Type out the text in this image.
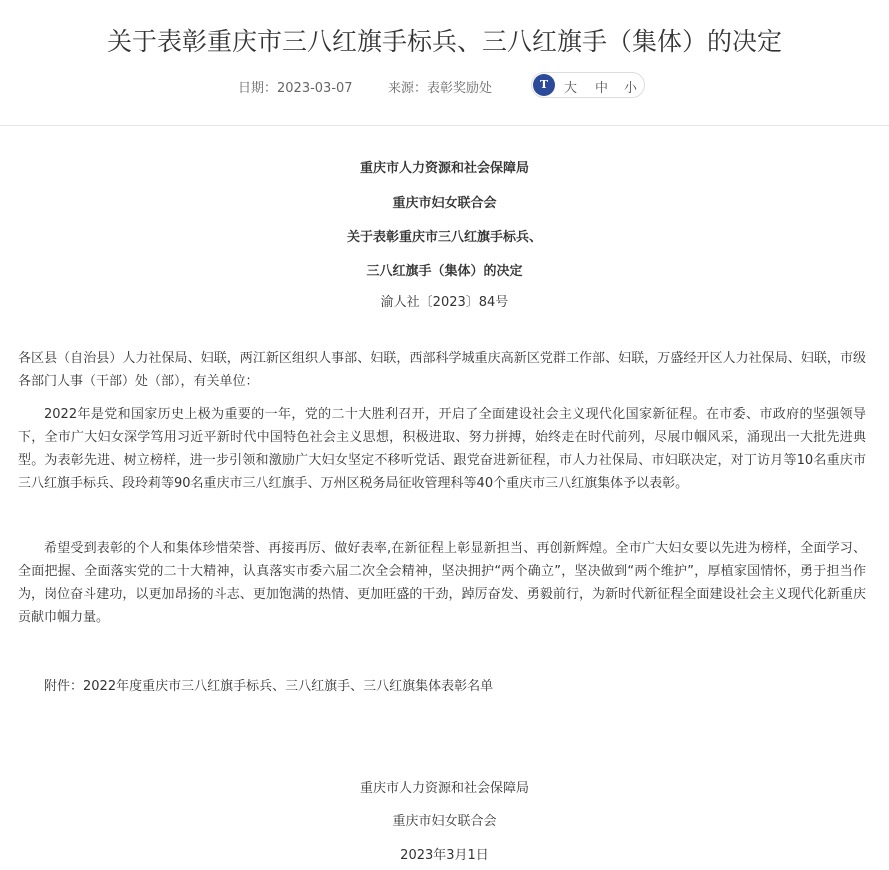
关于表彰重庆市三八红旗手标兵、三八红旗手（集体）的决定
日期：2023-03-07	来源：表彰奖励处	T	大 中 小
重庆市人力资源和社会保障局
重庆市妇女联合会
关于表彰重庆市三八红旗手标兵、
三八红旗手（集体）的决定
渝人社〔2023〕84号

各区县（自治县）人力社保局、妇联，两江新区组织人事部、妇联，西部科学城重庆高新区党群工作部、妇联，万盛经开区人力社保局、妇联，市级各部门人事（干部）处（部），有关单位：

2022年是党和国家历史上极为重要的一年，党的二十大胜利召开，开启了全面建设社会主义现代化国家新征程。在市委、市政府的坚强领导下，全市广大妇女深学笃用习近平新时代中国特色社会主义思想，积极进取、努力拼搏，始终走在时代前列，尽展巾帼风采，涌现出一大批先进典型。为表彰先进、树立榜样，进一步引领和激励广大妇女坚定不移听党话、跟党奋进新征程，市人力社保局、市妇联决定，对丁访月等10名重庆市三八红旗手标兵、段玲莉等90名重庆市三八红旗手、万州区税务局征收管理科等40个重庆市三八红旗集体予以表彰。

希望受到表彰的个人和集体珍惜荣誉、再接再厉、做好表率,在新征程上彰显新担当、再创新辉煌。全市广大妇女要以先进为榜样，全面学习、全面把握、全面落实党的二十大精神，认真落实市委六届二次全会精神，坚决拥护“两个确立”，坚决做到“两个维护”，厚植家国情怀，勇于担当作为，岗位奋斗建功，以更加昂扬的斗志、更加饱满的热情、更加旺盛的干劲，踔厉奋发、勇毅前行，为新时代新征程全面建设社会主义现代化新重庆贡献巾帼力量。

附件：2022年度重庆市三八红旗手标兵、三八红旗手、三八红旗集体表彰名单
重庆市人力资源和社会保障局
重庆市妇女联合会
2023年3月1日
